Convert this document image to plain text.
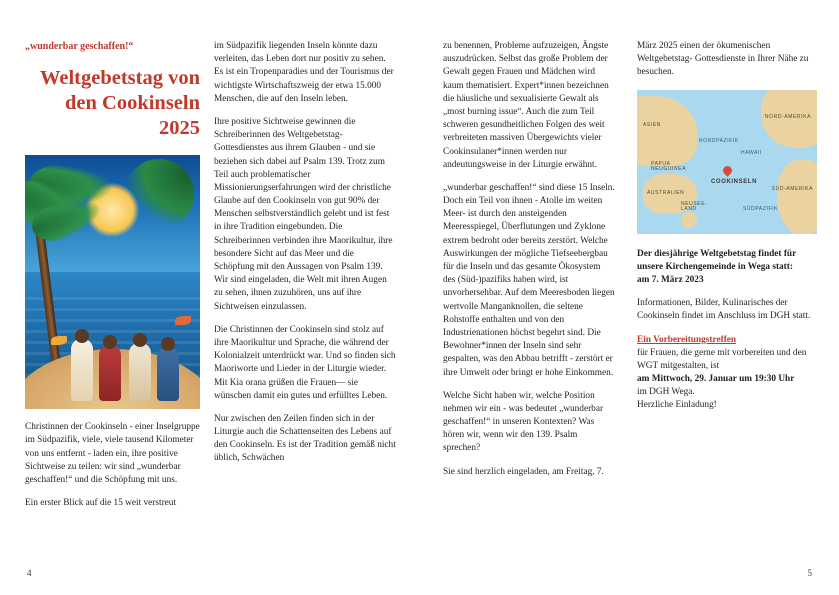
„wunderbar geschaffen!“
Weltgebetstag von den Cookinseln 2025

Christinnen der Cookinseln - einer Inselgruppe im Südpazifik, viele, viele tausend Kilometer von uns entfernt - laden ein, ihre positive Sichtweise zu teilen: wir sind „wunderbar geschaffen!“ und die Schöpfung mit uns.

Ein erster Blick auf die 15 weit verstreut

im Südpazifik liegenden Inseln könnte dazu verleiten, das Leben dort nur positiv zu sehen. Es ist ein Tropenparadies und der Tourismus der wichtigste Wirtschaftszweig der etwa 15.000 Menschen, die auf den Inseln leben.

Ihre positive Sichtweise gewinnen die Schreiberinnen des Weltgebetstag-Gottesdienstes aus ihrem Glauben - und sie beziehen sich dabei auf Psalm 139. Trotz zum Teil auch problematischer Missionierungserfahrungen wird der christliche Glaube auf den Cookinseln von gut 90% der Menschen selbstverständlich gelebt und ist fest in ihre Tradition eingebunden. Die Schreiberinnen verbinden ihre Maorikultur, ihre besondere Sicht auf das Meer und die Schöpfung mit den Aussagen von Psalm 139. Wir sind eingeladen, die Welt mit ihren Augen zu sehen, ihnen zuzuhören, uns auf ihre Sichtweisen einzulassen.

Die Christinnen der Cookinseln sind stolz auf ihre Maorikultur und Sprache, die während der Kolonialzeit unterdrückt war. Und so finden sich Maoriworte und Lieder in der Liturgie wieder. Mit Kia orana grüßen die Frauen— sie wünschen damit ein gutes und erfülltes Leben.

Nur zwischen den Zeilen finden sich in der Liturgie auch die Schattenseiten des Lebens auf den Cookinseln. Es ist der Tradition gemäß nicht üblich, Schwächen

zu benennen, Probleme aufzuzeigen, Ängste auszudrücken. Selbst das große Problem der Gewalt gegen Frauen und Mädchen wird kaum thematisiert. Expert*innen bezeichnen die häusliche und sexualisierte Gewalt als „most burning issue“. Auch die zum Teil schweren gesundheitlichen Folgen des weit verbreiteten massiven Übergewichts vieler Cookinsulaner*innen werden nur andeutungsweise in der Liturgie erwähnt.

„wunderbar geschaffen!“ sind diese 15 Inseln. Doch ein Teil von ihnen - Atolle im weiten Meer- ist durch den ansteigenden Meeresspiegel, Überflutungen und Zyklone extrem bedroht oder bereits zerstört. Welche Auswirkungen der mögliche Tiefseebergbau für die Inseln und das gesamte Ökosystem des (Süd-)pazifiks haben wird, ist unvorhersehbar. Auf dem Meeresboden liegen wertvolle Manganknollen, die seltene Rohstoffe enthalten und von den Industrienationen höchst begehrt sind. Die Bewohner*innen der Inseln sind sehr gespalten, was den Abbau betrifft - zerstört er ihre Umwelt oder bringt er hohe Einkommen.

Welche Sicht haben wir, welche Position nehmen wir ein - was bedeutet „wunderbar geschaffen!“ in unseren Kontexten? Was hören wir, wenn wir den 139. Psalm sprechen?

Sie sind herzlich eingeladen, am Freitag, 7.

März 2025 einen der ökumenischen Weltgebetstag- Gottesdienste in Ihrer Nähe zu besuchen.

ASIEN
NORD-AMERIKA
NORDPAZIFIK
HAWAII
PAPUA NEUGUINEA
AUSTRALIEN
NEUSEE-LAND	SÜDPAZIFIK
SÜD-AMERIKA
COOKINSELN

Der diesjährige Weltgebetstag findet für
unsere Kirchengemeinde in Wega statt:
am 7. März 2023

Informationen, Bilder, Kulinarisches der Cookinseln findet im Anschluss im DGH statt.

Ein Vorbereitungstreffen
für Frauen, die gerne mit vorbereiten und den WGT mitgestalten, ist
am Mittwoch, 29. Januar um 19:30 Uhr
im DGH Wega.
Herzliche Einladung!

4	5
